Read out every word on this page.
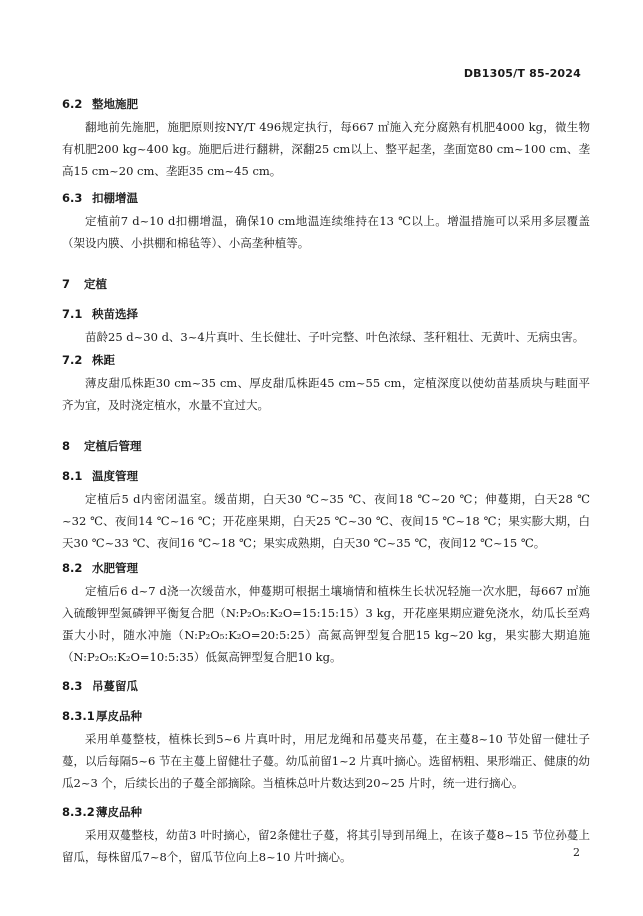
DB1305/T 85-2024
6.2 整地施肥
翻地前先施肥，施肥原则按NY/T 496规定执行，每667 ㎡施入充分腐熟有机肥4000 kg，微生物有机肥200 kg~400 kg。施肥后进行翻耕，深翻25 cm以上、整平起垄，垄面宽80 cm~100 cm、垄高15 cm~20 cm、垄距35 cm~45 cm。
6.3 扣棚增温
定植前7 d~10 d扣棚增温，确保10 cm地温连续维持在13 ℃以上。增温措施可以采用多层覆盖（架设内膜、小拱棚和棉毡等）、小高垄种植等。
7 定植
7.1 秧苗选择
苗龄25 d~30 d、3~4片真叶、生长健壮、子叶完整、叶色浓绿、茎秆粗壮、无黄叶、无病虫害。
7.2 株距
薄皮甜瓜株距30 cm~35 cm、厚皮甜瓜株距45 cm~55 cm，定植深度以使幼苗基质块与畦面平齐为宜，及时浇定植水，水量不宜过大。
8 定植后管理
8.1 温度管理
定植后5 d内密闭温室。缓苗期，白天30 ℃~35 ℃、夜间18 ℃~20 ℃；伸蔓期，白天28 ℃ ~32 ℃、夜间14 ℃~16 ℃；开花座果期，白天25 ℃~30 ℃、夜间15 ℃~18 ℃；果实膨大期，白天30 ℃~33 ℃、夜间16 ℃~18 ℃；果实成熟期，白天30 ℃~35 ℃，夜间12 ℃~15 ℃。
8.2 水肥管理
定植后6 d~7 d浇一次缓苗水，伸蔓期可根据土壤墒情和植株生长状况轻施一次水肥，每667 ㎡施入硫酸钾型氮磷钾平衡复合肥（N:P₂O₅:K₂O=15:15:15）3 kg，开花座果期应避免浇水，幼瓜长至鸡蛋大小时，随水冲施（N:P₂O₅:K₂O=20:5:25）高氮高钾型复合肥15 kg~20 kg，果实膨大期追施（N:P₂O₅:K₂O=10:5:35）低氮高钾型复合肥10 kg。
8.3 吊蔓留瓜
8.3.1厚皮品种
采用单蔓整枝，植株长到5~6 片真叶时，用尼龙绳和吊蔓夹吊蔓，在主蔓8~10 节处留一健壮子蔓，以后每隔5~6 节在主蔓上留健壮子蔓。幼瓜前留1~2 片真叶摘心。选留柄粗、果形端正、健康的幼瓜2~3 个，后续长出的子蔓全部摘除。当植株总叶片数达到20~25 片时，统一进行摘心。
8.3.2薄皮品种
采用双蔓整枝，幼苗3 叶时摘心，留2条健壮子蔓，将其引导到吊绳上，在该子蔓8~15 节位孙蔓上留瓜，每株留瓜7~8个，留瓜节位向上8~10 片叶摘心。	2
